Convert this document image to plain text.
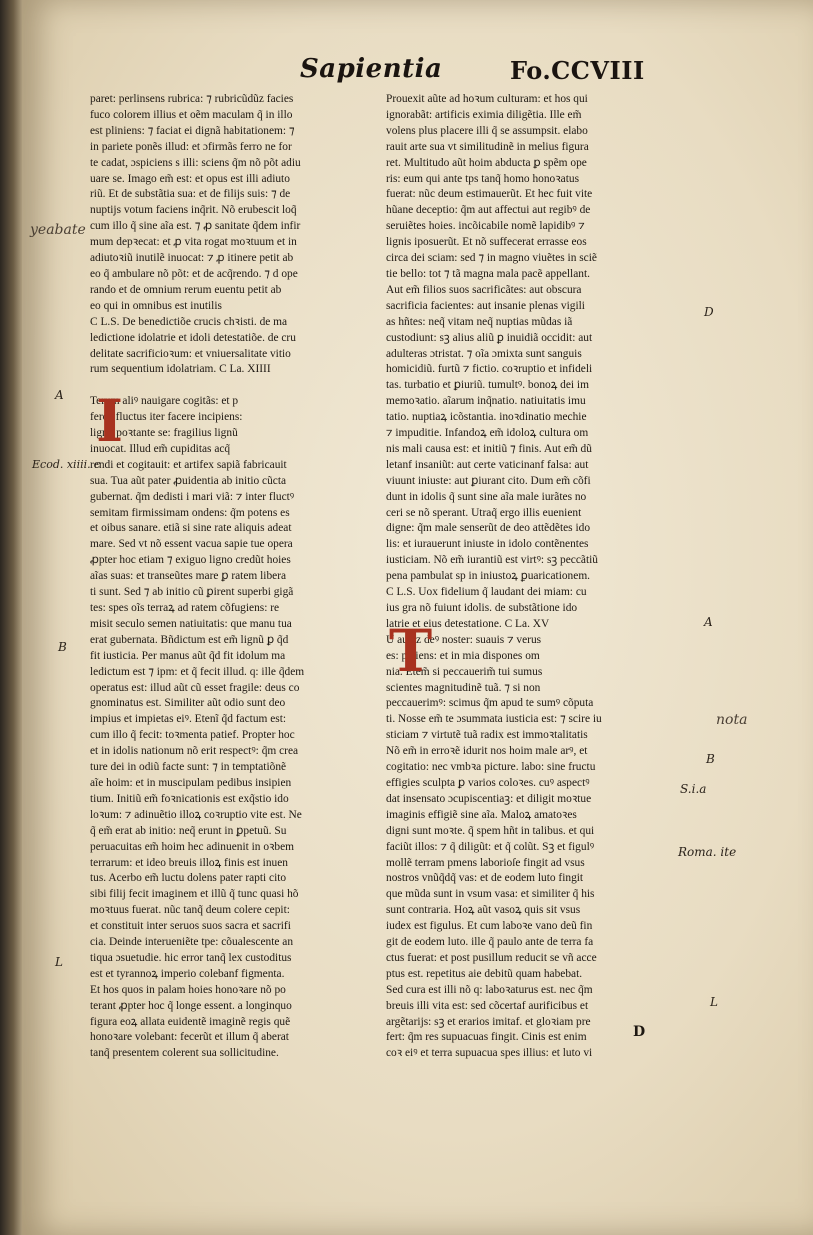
Sapientia	Fo.CCVIII

paret: perlinsens rubrica: ⁊ rubricũdũz facies

fuco colorem illius et oẽm maculam q̃ in illo

est pliniens: ⁊ faciat ei dignã habitationem: ⁊

in pariete ponẽs illud: et ɔfirmãs ferro ne for

te cadat, ɔspiciens s illi: sciens q̃m nõ põt adiu

uare se. Imago em̃ est: et opus est illi adiuto

riũ. Et de substãtia sua: et de filijs suis: ⁊ de

nuptijs votum faciens inq̃rit. Nõ erubescit loq̃

cum illo q̃ sine aĩa est. ⁊ ꝓ sanitate q̃dem infir

mum depꝛecat: et ꝓ vita rogat moꝛtuum et in

adiutoꝛiũ inutilẽ inuocat: ⁊ ꝓ itinere petit ab

eo q̃ ambulare nõ põt: et de acq̃rendo. ⁊ d ope

rando et de omnium rerum euentu petit ab

eo qui in omnibus est inutilis

C L.S. De benedictiõe crucis chꝛisti. de ma

ledictione idolatrie et idoli detestatiõe. de cru

delitate sacrificioꝛum: et vniuersalitate vitio

rum sequentium idolatriam. C La. XIIII

Terum aliꝰ nauigare cogitãs: et p

feros fluctus iter facere incipiens:

ligno poꝛtante se: fragilius lignũ

inuocat. Illud em̃ cupiditas acq̃

rendi et cogitauit: et artifex sapiã fabricauit

sua. Tua aũt pater ꝓuidentia ab initio cũcta

gubernat. q̃m dedisti i mari viã: ⁊ inter fluctꝰ

semitam firmissimam ondens: q̃m potens es

et oibus sanare. etiã si sine rate aliquis adeat

mare. Sed vt nõ essent vacua sapie tue opera

ꝓpter hoc etiam ⁊ exiguo ligno credũt hoies

aĩas suas: et transeũtes mare ꝑ ratem libera

ti sunt. Sed ⁊ ab initio cũ ꝑirent superbi gigã

tes: spes oĩs terraꝝ ad ratem cõfugiens: re

misit seculo semen natiuitatis: que manu tua

erat gubernata. Bñdictum est em̃ lignũ ꝑ q̃d

fit iusticia. Per manus aũt q̃d fit idolum ma

ledictum est ⁊ ipm: et q̃ fecit illud. q: ille q̃dem

operatus est: illud aũt cũ esset fragile: deus co

gnominatus est. Similiter aũt odio sunt deo

impius et impietas eiꝰ. Etenĩ q̃d factum est:

cum illo q̃ fecit: toꝛmenta patief. Propter hoc

et in idolis nationum nõ erit respectꝰ: q̃m crea

ture dei in odiũ facte sunt: ⁊ in temptatiõnẽ

aĩe hoim: et in muscipulam pedibus insipien

tium. Initiũ em̃ foꝛnicationis est exq̃stio ido

loꝛum: ⁊ adinuẽtio illoꝝ coꝛruptio vite est. Ne

q̃ em̃ erat ab initio: neq̃ erunt in ꝑpetuũ. Su

peruacuitas em̃ hoim hec adinuenit in oꝛbem

terrarum: et ideo breuis illoꝝ finis est inuen

tus. Acerbo em̃ luctu dolens pater rapti cito

sibi filij fecit imaginem et illũ q̃ tunc quasi hõ

moꝛtuus fuerat. nũc tanq̃ deum colere cepit:

et constituit inter seruos suos sacra et sacrifi

cia. Deinde interueniẽte tpe: cõualescente an

tiqua ɔsuetudie. hic error tanq̃ lex custoditus

est et tyrannoꝝ imperio colebanf figmenta.

Et hos quos in palam hoies honoꝛare nõ po

terant ꝓpter hoc q̃ longe essent. a longinquo

figura eoꝝ allata euidentẽ imaginẽ regis quẽ

honoꝛare volebant: fecerũt et illum q̃ aberat

tanq̃ presentem colerent sua sollicitudine.

Prouexit aũte ad hoꝛum culturam: et hos qui

ignorabãt: artificis eximia diligẽtia. Ille em̃

volens plus placere illi q̃ se assumpsit. elabo

rauit arte sua vt similitudinẽ in melius figura

ret. Multitudo aũt hoim abducta ꝑ spẽm ope

ris: eum qui ante tps tanq̃ homo honoꝛatus

fuerat: nũc deum estimauerũt. Et hec fuit vite

hũane deceptio: q̃m aut affectui aut regibꝰ de

seruiẽtes hoies. incõicabile nomẽ lapidibꝰ ⁊

lignis iposuerũt. Et nõ suffecerat errasse eos

circa dei sciam: sed ⁊ in magno viuẽtes in sciẽ

tie bello: tot ⁊ tã magna mala pacẽ appellant.

Aut em̃ filios suos sacrificãtes: aut obscura

sacrificia facientes: aut insanie plenas vigili

as hñtes: neq̃ vitam neq̃ nuptias mũdas iã

custodiunt: sꝫ alius aliũ ꝑ inuidiã occidit: aut

adulteras ɔtristat. ⁊ oĩa ɔmixta sunt sanguis

homicidiũ. furtũ ⁊ fictio. coꝛruptio et infideli

tas. turbatio et ꝑiuriũ. tumultꝰ. bonoꝝ dei im

memoꝛatio. aĩarum inq̃natio. natiuitatis imu

tatio. nuptiaꝝ icõstantia. inoꝛdinatio mechie

⁊ impuditie. Infandoꝝ em̃ idoloꝝ cultura om

nis mali causa est: et initiũ ⁊ finis. Aut em̃ dũ

letanf insaniũt: aut certe vaticinanf falsa: aut

viuunt iniuste: aut ꝑiurant cito. Dum em̃ cõfi

dunt in idolis q̃ sunt sine aĩa male iurãtes no

ceri se nõ sperant. Utraq̃ ergo illis euenient

digne: q̃m male senserũt de deo attẽdẽtes ido

lis: et iurauerunt iniuste in idolo contẽnentes

iusticiam. Nõ em̃ iurantiũ est virtꝰ: sꝫ peccãtiũ

pena pambulat sp in iniustoꝝ ꝑuaricationem.

C L.S. Uox fidelium q̃ laudant dei miam: cu

ius gra nõ fuiunt idolis. de substãtione ido

latrie et eius detestatione. C La. XV

U autez deꝰ noster: suauis ⁊ verus

es: patiens: et in mia dispones om

nia. Etem̃ si peccauerim̃ tui sumus

scientes magnitudinẽ tuã. ⁊ si non

peccauerimꝰ: scimus q̃m apud te sumꝰ cõputa

ti. Nosse em̃ te ɔsummata iusticia est: ⁊ scire iu

sticiam ⁊ virtutẽ tuã radix est immoꝛtalitatis

Nõ em̃ in erroꝛẽ idurit nos hoim male arꝰ, et

cogitatio: nec vmbꝛa picture. labo: sine fructu

effigies sculpta ꝑ varios coloꝛes. cuꝰ aspectꝰ

dat insensato ɔcupiscentiaꝫ: et diligit moꝛtue

imaginis effigiẽ sine aĩa. Maloꝝ amatoꝛes

digni sunt moꝛte. q̃ spem hñt in talibus. et qui

faciũt illos: ⁊ q̃ diligũt: et q̃ colũt. Sꝫ et figulꝰ

mollẽ terram pmens laborioſe fingit ad vsus

nostros vnũq̃dq̃ vas: et de eodem luto fingit

que mũda sunt in vsum vasa: et similiter q̃ his

sunt contraria. Hoꝝ aũt vasoꝝ quis sit vsus

iudex est figulus. Et cum laboꝛe vano deũ fin

git de eodem luto. ille q̃ paulo ante de terra fa

ctus fuerat: et post pusillum reducit se vñ acce

ptus est. repetitus aie debitũ quam habebat.

Sed cura est illi nõ q: laboꝛaturus est. nec q̃m

breuis illi vita est: sed cõcertaf aurificibus et

argẽtarijs: sꝫ et erarios imitaf. et gloꝛiam pre

fert: q̃m res supuacuas fingit. Cinis est enim

coꝛ eiꝰ et terra supuacua spes illius: et luto vi

I
T
yeabate
Ecod. xiiii. c
A
B
L
D
A
nota
B
S.i.a
Roma. ite
L
D
